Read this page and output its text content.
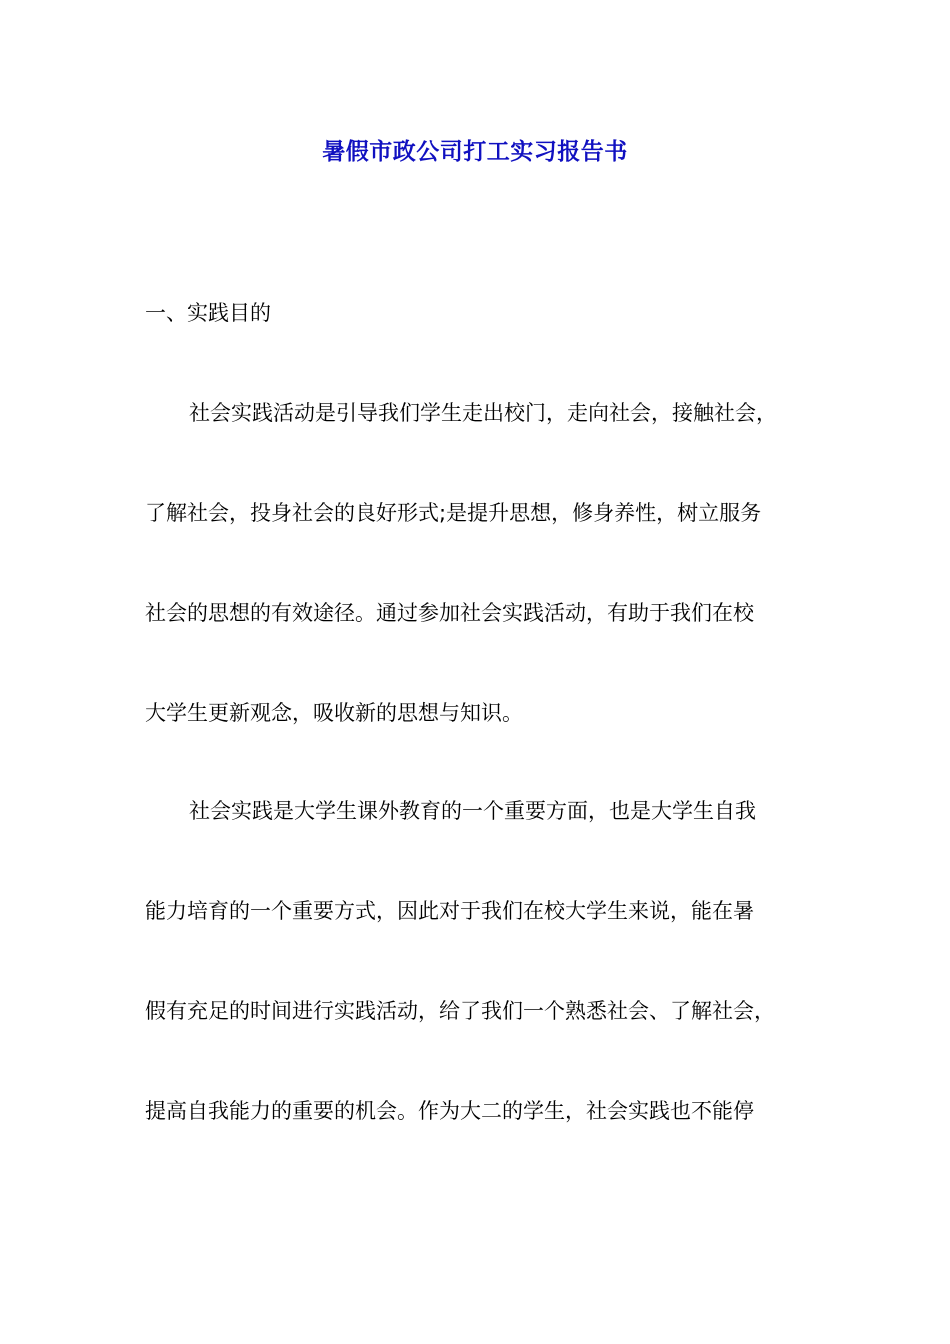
暑假市政公司打工实习报告书
一、实践目的
社会实践活动是引导我们学生走出校门，走向社会，接触社会，
了解社会，投身社会的良好形式;是提升思想，修身养性，树立服务
社会的思想的有效途径。通过参加社会实践活动，有助于我们在校
大学生更新观念，吸收新的思想与知识。
社会实践是大学生课外教育的一个重要方面，也是大学生自我
能力培育的一个重要方式，因此对于我们在校大学生来说，能在暑
假有充足的时间进行实践活动，给了我们一个熟悉社会、了解社会，
提高自我能力的重要的机会。作为大二的学生，社会实践也不能停
